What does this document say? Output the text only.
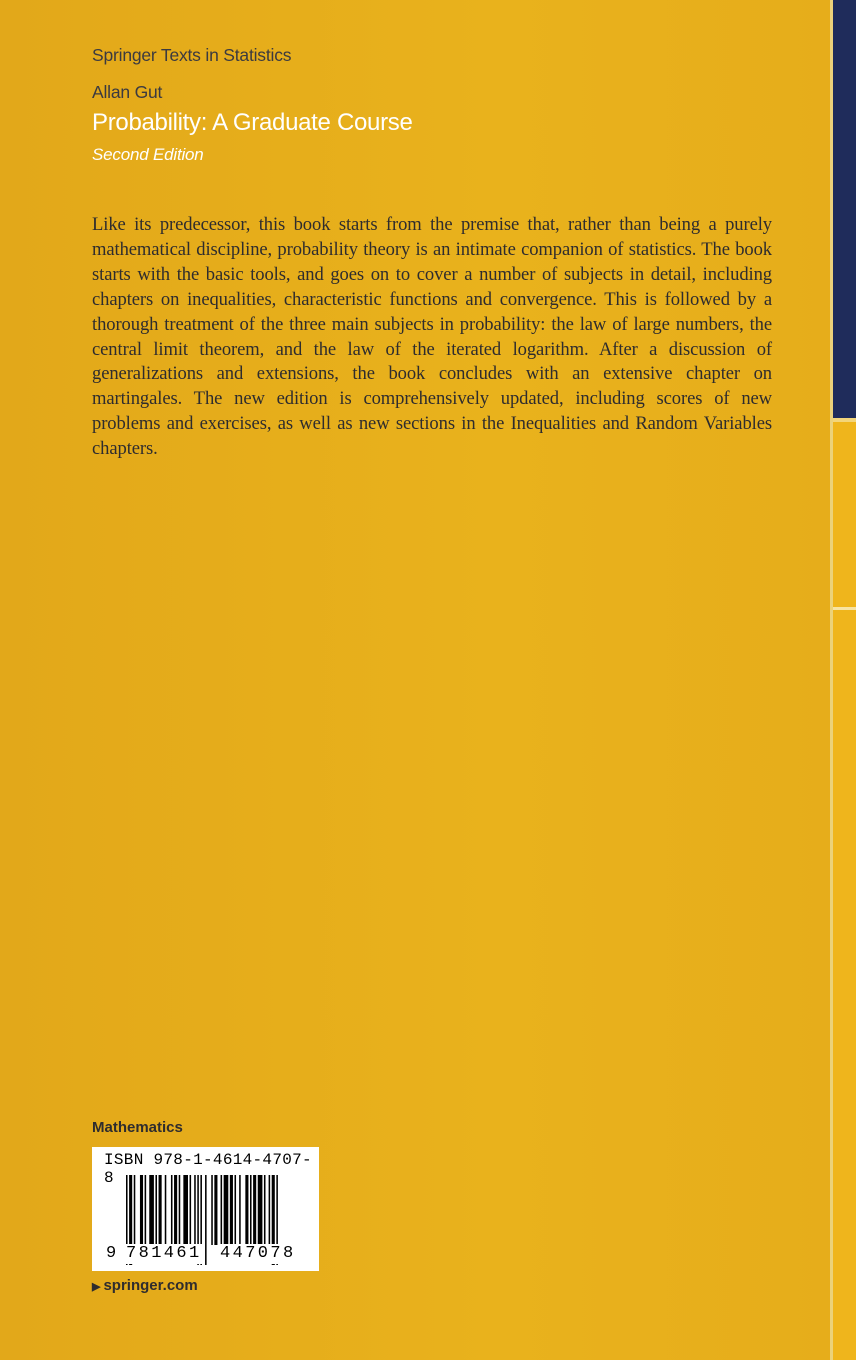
Springer Texts in Statistics

Allan Gut

Probability: A Graduate Course

Second Edition

Like its predecessor, this book starts from the premise that, rather than being a purely mathematical discipline, probability theory is an intimate companion of statistics. The book starts with the basic tools, and goes on to cover a number of subjects in detail, including chapters on inequalities, characteristic functions and convergence. This is followed by a thorough treatment of the three main subjects in probability: the law of large numbers, the central limit theorem, and the law of the iterated logarithm. After a discussion of generalizations and extensions, the book concludes with an extensive chapter on martingales. The new edition is comprehensively updated, including scores of new problems and exercises, as well as new sections in the Inequalities and Random Variables chapters.

Mathematics

ISBN 978-1-4614-4707-8

9 781461 447078

▶ springer.com
